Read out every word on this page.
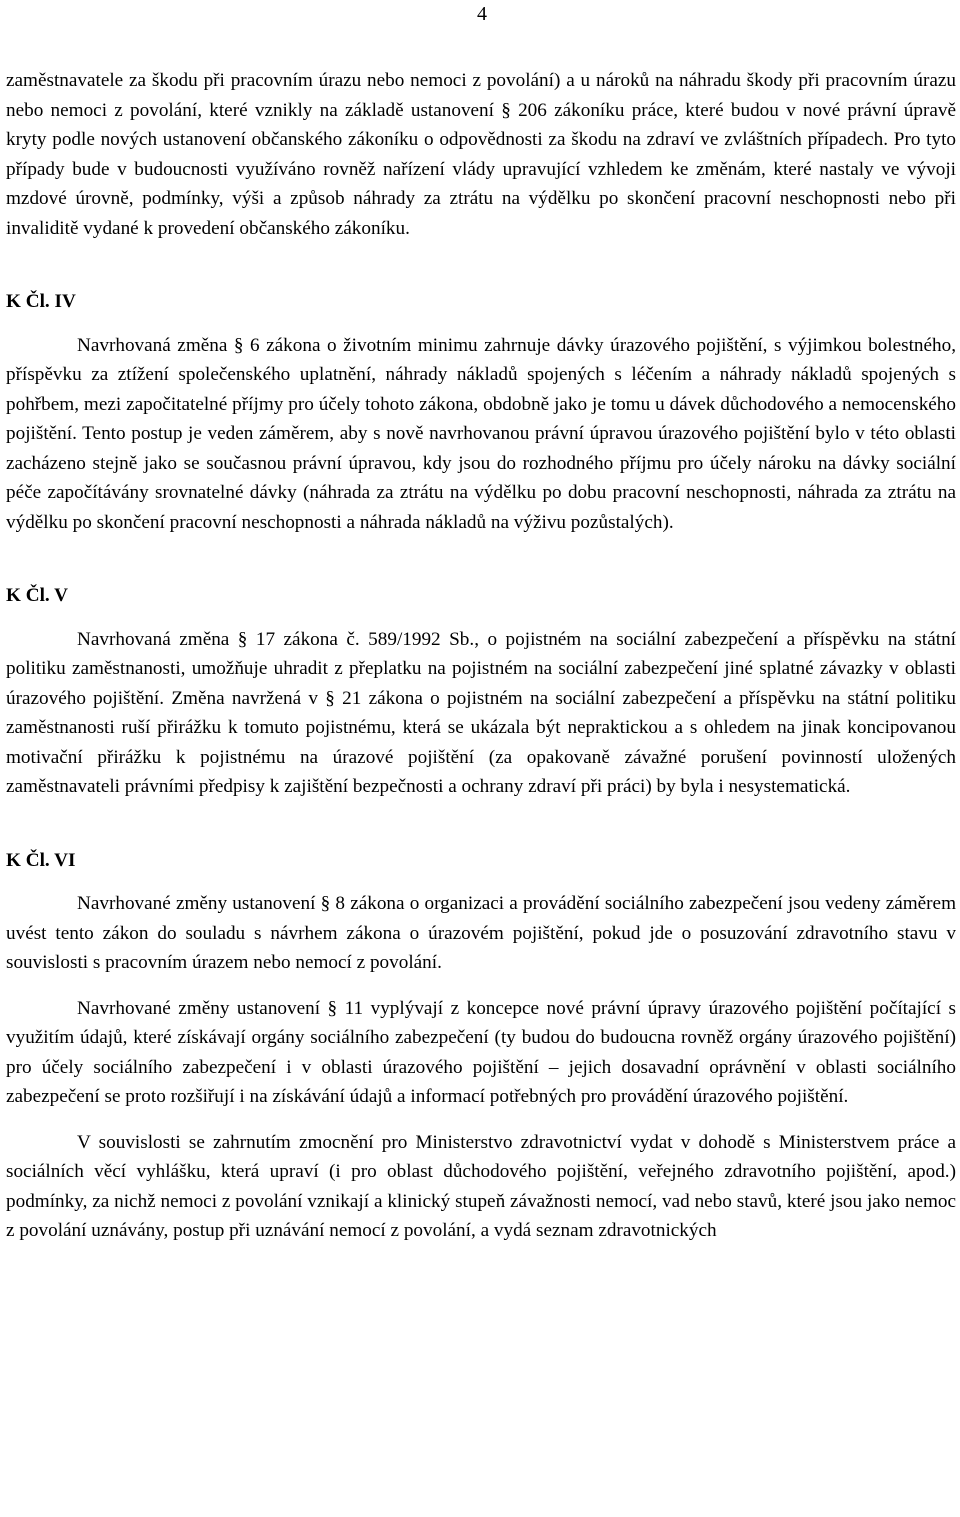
4

zaměstnavatele za škodu při pracovním úrazu nebo nemoci z povolání) a u nároků na náhradu škody při pracovním úrazu nebo nemoci z povolání, které vznikly na základě ustanovení § 206 zákoníku práce, které budou v nové právní úpravě kryty podle nových ustanovení občanského zákoníku o odpovědnosti za škodu na zdraví ve zvláštních případech. Pro tyto případy bude v budoucnosti využíváno rovněž nařízení vlády upravující vzhledem ke změnám, které nastaly ve vývoji mzdové úrovně, podmínky, výši a způsob náhrady za ztrátu na výdělku po skončení pracovní neschopnosti nebo při invaliditě vydané k provedení občanského zákoníku.

K Čl. IV

Navrhovaná změna § 6 zákona o životním minimu zahrnuje dávky úrazového pojištění, s výjimkou bolestného, příspěvku za ztížení společenského uplatnění, náhrady nákladů spojených s léčením a náhrady nákladů spojených s pohřbem, mezi započitatelné příjmy pro účely tohoto zákona, obdobně jako je tomu u dávek důchodového a nemocenského pojištění. Tento postup je veden záměrem, aby s nově navrhovanou právní úpravou úrazového pojištění bylo v této oblasti zacházeno stejně jako se současnou právní úpravou, kdy jsou do rozhodného příjmu pro účely nároku na dávky sociální péče započítávány srovnatelné dávky (náhrada za ztrátu na výdělku po dobu pracovní neschopnosti, náhrada za ztrátu na výdělku po skončení pracovní neschopnosti a náhrada nákladů na výživu pozůstalých).

K Čl. V

Navrhovaná změna § 17 zákona č. 589/1992 Sb., o pojistném na sociální zabezpečení a příspěvku na státní politiku zaměstnanosti, umožňuje uhradit z přeplatku na pojistném na sociální zabezpečení jiné splatné závazky v oblasti úrazového pojištění. Změna navržená v § 21 zákona o pojistném na sociální zabezpečení a příspěvku na státní politiku zaměstnanosti ruší přirážku k tomuto pojistnému, která se ukázala být nepraktickou a s ohledem na jinak koncipovanou motivační přirážku k pojistnému na úrazové pojištění (za opakovaně závažné porušení povinností uložených zaměstnavateli právními předpisy k zajištění bezpečnosti a ochrany zdraví při práci) by byla i nesystematická.

K Čl. VI

Navrhované změny ustanovení § 8 zákona o organizaci a provádění sociálního zabezpečení jsou vedeny záměrem uvést tento zákon do souladu s návrhem zákona o úrazovém pojištění, pokud jde o posuzování zdravotního stavu v souvislosti s pracovním úrazem nebo nemocí z povolání.

Navrhované změny ustanovení § 11 vyplývají z koncepce nové právní úpravy úrazového pojištění počítající s využitím údajů, které získávají orgány sociálního zabezpečení (ty budou do budoucna rovněž orgány úrazového pojištění) pro účely sociálního zabezpečení i v oblasti úrazového pojištění – jejich dosavadní oprávnění v oblasti sociálního zabezpečení se proto rozšiřují i na získávání údajů a informací potřebných pro provádění úrazového pojištění.

V souvislosti se zahrnutím zmocnění pro Ministerstvo zdravotnictví vydat v dohodě s Ministerstvem práce a sociálních věcí vyhlášku, která upraví (i pro oblast důchodového pojištění, veřejného zdravotního pojištění, apod.) podmínky, za nichž nemoci z povolání vznikají a klinický stupeň závažnosti nemocí, vad nebo stavů, které jsou jako nemoc z povolání uznávány, postup při uznávání nemocí z povolání, a vydá seznam zdravotnických
